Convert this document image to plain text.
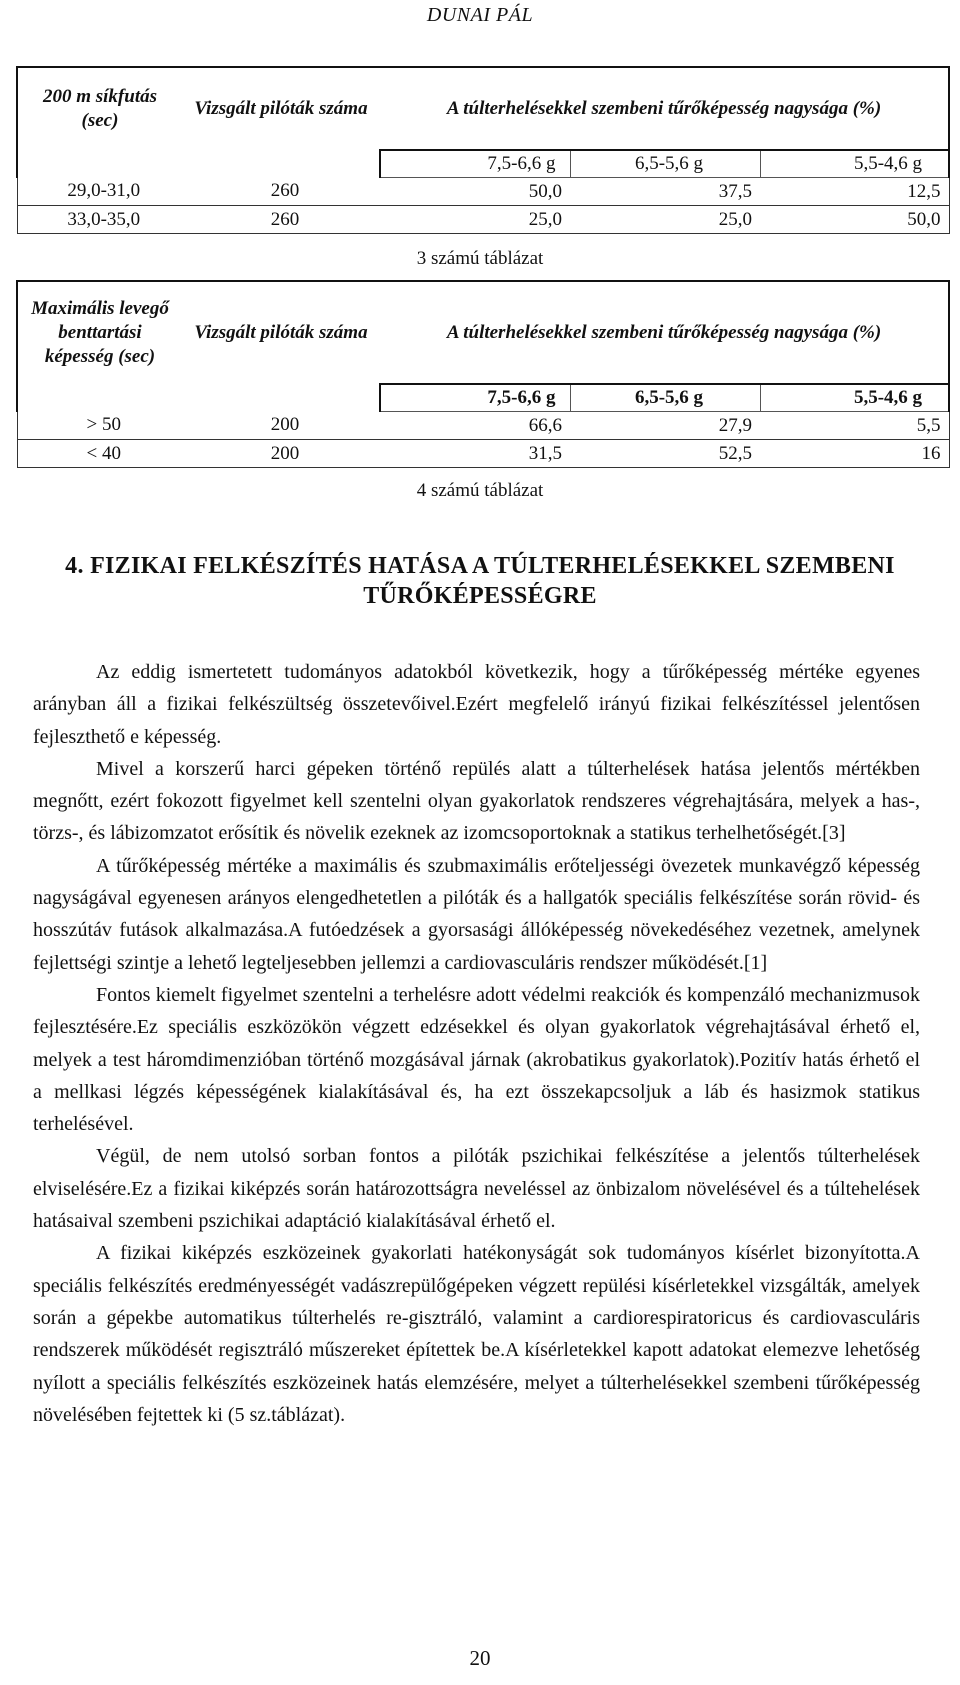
DUNAI PÁL
200 m síkfutás (sec)	Vizsgált pilóták száma	A túlterhelésekkel szembeni tűrőképesség nagysága (%)		
		7,5-6,6 g	6,5-5,6 g	5,5-4,6 g
29,0-31,0	260	50,0	37,5	12,5
33,0-35,0	260	25,0	25,0	50,0
3 számú táblázat
Maximális levegő benttartási képesség (sec)	Vizsgált pilóták száma	A túlterhelésekkel szembeni tűrőképesség nagysága (%)		
		7,5-6,6 g	6,5-5,6 g	5,5-4,6 g
> 50	200	66,6	27,9	5,5
< 40	200	31,5	52,5	16
4 számú táblázat
4. FIZIKAI FELKÉSZÍTÉS HATÁSA A TÚLTERHELÉSEKKEL SZEMBENI
TŰRŐKÉPESSÉGRE

Az eddig ismertetett tudományos adatokból következik, hogy a tűrőképesség mértéke egyenes arányban áll a fizikai felkészültség összetevőivel.Ezért megfelelő irányú fizikai felkészítéssel jelentősen fejleszthető e képesség.

Mivel a korszerű harci gépeken történő repülés alatt a túlterhelések hatása jelentős mértékben megnőtt, ezért fokozott figyelmet kell szentelni olyan gyakorlatok rendszeres végrehajtására, melyek a has-, törzs-, és lábizomzatot erősítik és növelik ezeknek az izomcsoportoknak a statikus terhelhetőségét.[3]

A tűrőképesség mértéke a maximális és szubmaximális erőteljességi övezetek munkavégző képesség nagyságával egyenesen arányos elengedhetetlen a pilóták és a hallgatók speciális felkészítése során rövid- és hosszútáv futások alkalmazása.A futóedzések a gyorsasági állóképesség növekedéséhez vezetnek, amelynek fejlettségi szintje a lehető legteljesebben jellemzi a cardiovasculáris rendszer működését.[1]

Fontos kiemelt figyelmet szentelni a terhelésre adott védelmi reakciók és kompenzáló mechanizmusok fejlesztésére.Ez speciális eszközökön végzett edzésekkel és olyan gyakorlatok végrehajtásával érhető el, melyek a test háromdimenzióban történő mozgásával járnak (akrobatikus gyakorlatok).Pozitív hatás érhető el a mellkasi légzés képességének kialakításával és, ha ezt összekapcsoljuk a láb és hasizmok statikus terhelésével.

Végül, de nem utolsó sorban fontos a pilóták pszichikai felkészítése a jelentős túlterhelések elviselésére.Ez a fizikai kiképzés során határozottságra neveléssel az önbizalom növelésével és a túltehelések hatásaival szembeni pszichikai adaptáció kialakításával érhető el.

A fizikai kiképzés eszközeinek gyakorlati hatékonyságát sok tudományos kísérlet bizonyította.A speciális felkészítés eredményességét vadászrepülőgépeken végzett repülési kísérletekkel vizsgálták, amelyek során a gépekbe automatikus túlterhelés re-gisztráló, valamint a cardiorespiratoricus és cardiovasculáris rendszerek működését regisztráló műszereket építettek be.A kísérletekkel kapott adatokat elemezve lehetőség nyílott a speciális felkészítés eszközeinek hatás elemzésére, melyet a túlterhelésekkel szembeni tűrőképesség növelésében fejtettek ki (5 sz.táblázat).

20
